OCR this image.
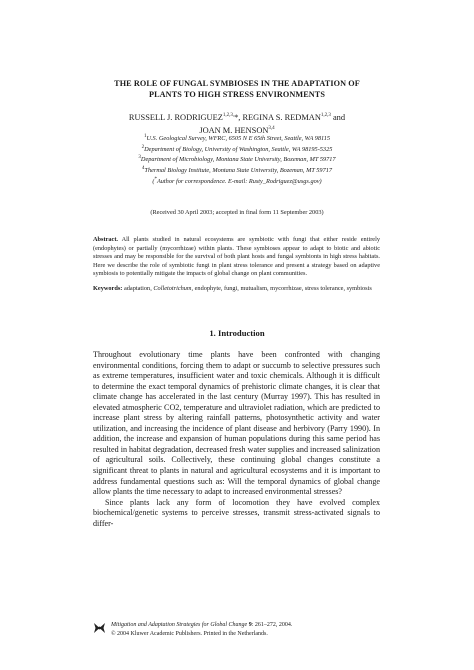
THE ROLE OF FUNGAL SYMBIOSES IN THE ADAPTATION OF
PLANTS TO HIGH STRESS ENVIRONMENTS
RUSSELL J. $RODRIGUEZ^{1,2,3,}*$, REGINA S. REDMAN$^{1,2,3}$ and
JOAN M. HENSON$^{3,4}$
$^1$U.S. Geological Survey, WFRC, 6505 N E 65th Street, Seattle, WA 98115
$^2$Department of Biology, University of Washington, Seattle, WA 98195-5325
$^3$Department of Microbiology, Montana State University, Bozeman, MT 59717
$^4$Thermal Biology Institute, Montana State University, Bozeman, MT 59717
(*Author for correspondence. E-mail: Rusty_Rodriguez@usgs.gov)
(Received 30 April 2003; accepted in final form 11 September 2003)
Abstract. All plants studied in natural ecosystems are symbiotic with fungi that either reside entirely (endophytes) or partially (mycorrhizae) within plants. These symbioses appear to adapt to biotic and abiotic stresses and may be responsible for the survival of both plant hosts and fungal symbionts in high stress habitats. Here we describe the role of symbiotic fungi in plant stress tolerance and present a strategy based on adaptive symbiosis to potentially mitigate the impacts of global change on plant communities.
Keywords: adaptation, Colletotrichum, endophyte, fungi, mutualism, mycorrhizae, stress tolerance, symbiosis
1. Introduction

Throughout evolutionary time plants have been confronted with changing environmental conditions, forcing them to adapt or succumb to selective pressures such as extreme temperatures, insufficient water and toxic chemicals. Although it is difficult to determine the exact temporal dynamics of prehistoric climate changes, it is clear that climate change has accelerated in the last century (Murray 1997). This has resulted in elevated atmospheric CO2, temperature and ultraviolet radiation, which are predicted to increase plant stress by altering rainfall patterns, photosynthetic activity and water utilization, and increasing the incidence of plant disease and herbivory (Parry 1990). In addition, the increase and expansion of human populations during this same period has resulted in habitat degradation, decreased fresh water supplies and increased salinization of agricultural soils. Collectively, these continuing global changes constitute a significant threat to plants in natural and agricultural ecosystems and it is important to address fundamental questions such as: Will the temporal dynamics of global change allow plants the time necessary to adapt to increased environmental stresses?

Since plants lack any form of locomotion they have evolved complex biochemical/genetic systems to perceive stresses, transmit stress-activated signals to differ-

Mitigation and Adaptation Strategies for Global Change 9: 261–272, 2004.
© 2004 Kluwer Academic Publishers. Printed in the Netherlands.
